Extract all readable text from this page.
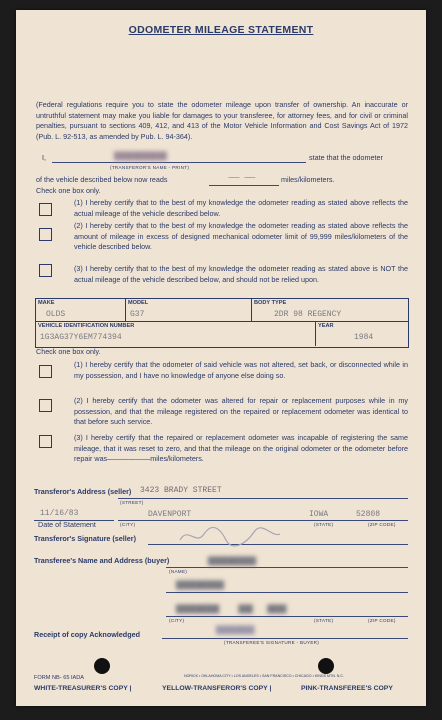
ODOMETER MILEAGE STATEMENT
(Federal regulations require you to state the odometer mileage upon transfer of ownership. An inaccurate or untruthful statement may make you liable for damages to your transferee, for attorney fees, and for civil or criminal penalties, pursuant to sections 409, 412, and 413 of the Motor Vehicle Information and Cost Savings Act of 1972 (Pub. L. 92-513, as amended by Pub. L. 94-364).
I,	███████████
(TRANSFEROR'S NAME - PRINT)
state that the odometer
of the vehicle described below now reads	— —	miles/kilometers.
Check one box only.
(1) I hereby certify that to the best of my knowledge the odometer reading as stated above reflects the actual mileage of the vehicle described below.
(2) I hereby certify that to the best of my knowledge the odometer reading as stated above reflects the amount of mileage in excess of designed mechanical odometer limit of 99,999 miles/kilometers of the vehicle described below.
(3) I hereby certify that to the best of my knowledge the odometer reading as stated above is NOT the actual mileage of the vehicle described below, and should not be relied upon.
MAKE
OLDS
MODEL
G37
BODY TYPE
2DR 98 REGENCY
VEHICLE IDENTIFICATION NUMBER
1G3AG37Y6EM774394
YEAR
1984
Check one box only.
(1) I hereby certify that the odometer of said vehicle was not altered, set back, or disconnected while in my possession, and I have no knowledge of anyone else doing so.
(2) I hereby certify that the odometer was altered for repair or replacement purposes while in my possession, and that the mileage registered on the repaired or replacement odometer was identical to that before such service.
(3) I hereby certify that the repaired or replacement odometer was incapable of registering the same mileage, that it was reset to zero, and that the mileage on the original odometer or the odometer before repair was——————miles/kilometers.
Transferor's Address (seller) 3423 BRADY STREET
(STREET)
11/16/83
Date of Statement
DAVENPORT	IOWA	52808
(CITY)	(STATE)	(ZIP CODE)
Transferor's Signature (seller)
Transferee's Name and Address (buyer)
(NAME)
██████████
██████████
█████████    ███   ████
(CITY)	(STATE)	(ZIP CODE)
Receipt of copy Acknowledged	████████
(TRANSFEREE'S SIGNATURE - BUYER)
FORM NB- 65 IADA	NORICK • OKLAHOMA CITY • LOS ANGELES • SAN FRANCISCO • CHICAGO • KINGS MTN. N.C.
WHITE-TREASURER'S COPY |	YELLOW-TRANSFEROR'S COPY |	PINK-TRANSFEREE'S COPY
